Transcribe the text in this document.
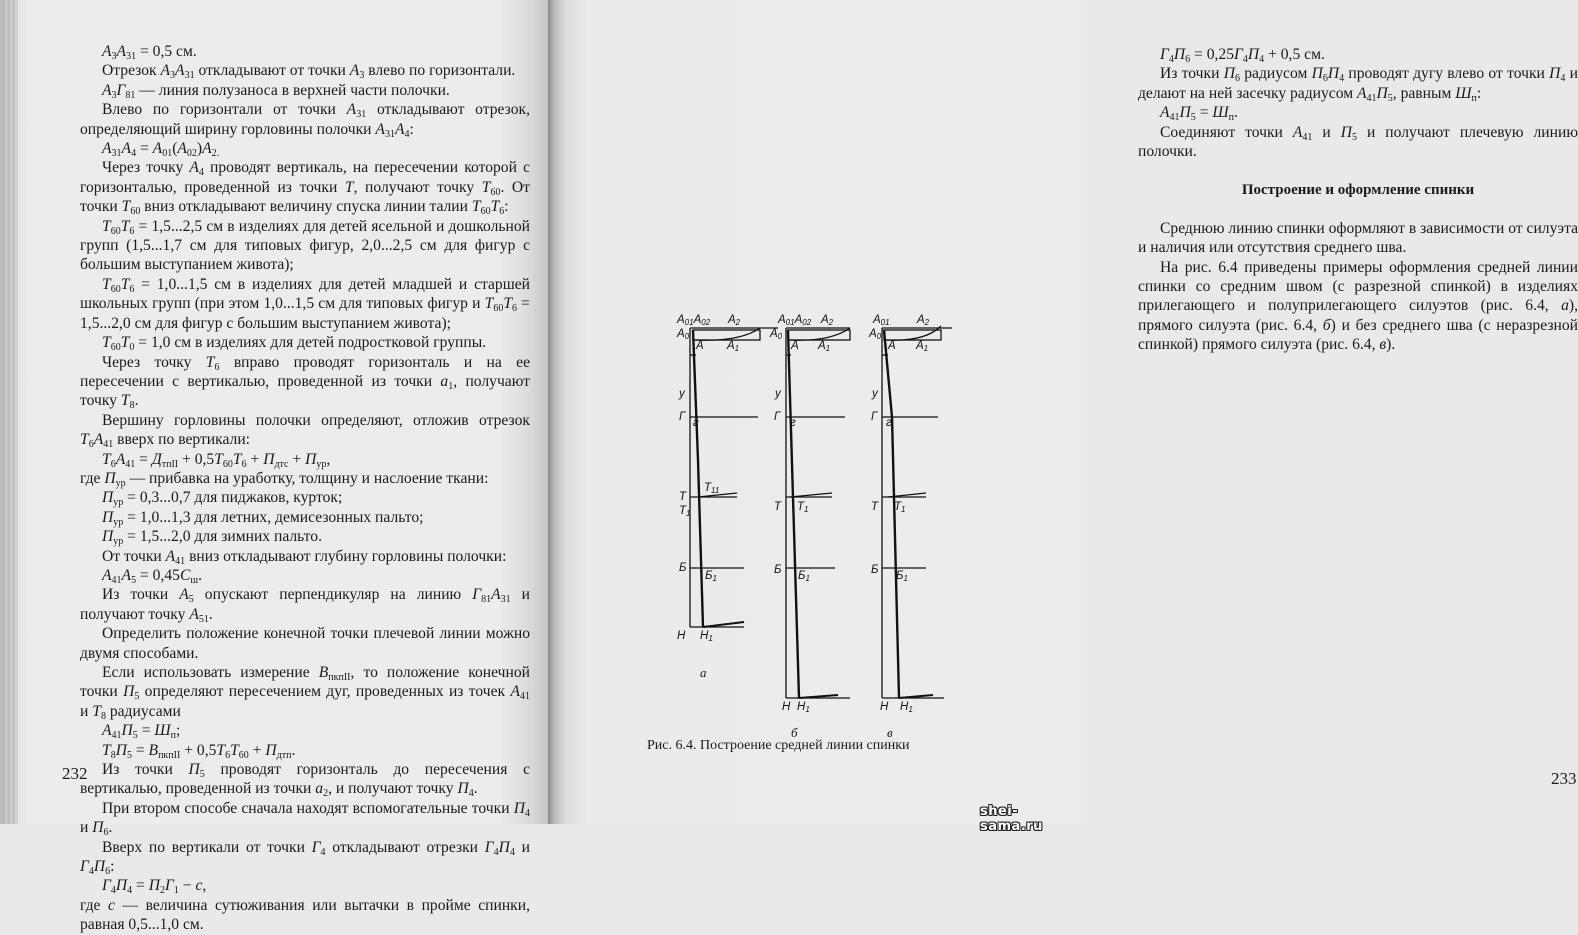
$A_3A_{31} = 0,5$ см.

Отрезок $A_3A_{31}$ откладывают от точки $A_3$ влево по горизонтали.

$A_3Г_{81}$ — линия полузаноса в верхней части полочки.

Влево по горизонтали от точки $A_{31}$ откладывают отрезок, определяющий ширину горловины полочки $A_{31}A_4$:

$A_{31}A_4 = A_{01}(A_{02})A_{2.}$

Через точку $A_4$ проводят вертикаль, на пересечении которой с горизонталью, проведенной из точки T, получают точку $T_{60}$. От точки $T_{60}$ вниз откладывают величину спуска линии талии $T_{60}T_6$:

$T_{60}T_6 = 1,5...2,5$ см в изделиях для детей ясельной и дошкольной групп (1,5...1,7 см для типовых фигур, 2,0...2,5 см для фигур с большим выступанием живота);

$T_{60}T_6 = 1,0...1,5$ см в изделиях для детей младшей и старшей школьных групп (при этом 1,0...1,5 см для типовых фигур и $T_{60}T_6 = 1,5...2,0$ см для фигур с большим выступанием живота);

$T_{60}T_0 = 1,0$ см в изделиях для детей подростковой группы.

Через точку $T_6$ вправо проводят горизонталь и на ее пересечении с вертикалью, проведенной из точки $a_1$, получают точку $T_8$.

Вершину горловины полочки определяют, отложив отрезок $T_6A_{41}$ вверх по вертикали:

$T_6A_{41} = Д_{тпII} + 0,5T_{60}T_6 + П_{дтс} + П_{ур}$,

где $П_{ур}$ — прибавка на уработку, толщину и наслоение ткани:

$П_{ур} = 0,3...0,7$ для пиджаков, курток;

$П_{ур} = 1,0...1,3$ для летних, демисезонных пальто;

$П_{ур} = 1,5...2,0$ для зимних пальто.

От точки $A_{41}$ вниз откладывают глубину горловины полочки:

$A_{41}A_5 = 0,45C_ш$.

Из точки $A_5$ опускают перпендикуляр на линию $Г_{81}A_{31}$ и получают точку $A_{51}$.

Определить положение конечной точки плечевой линии можно двумя способами.

Если использовать измерение $B_{пкпII}$, то положение конечной точки $П_5$ определяют пересечением дуг, проведенных из точек $A_{41}$ и $T_8$ радиусами

$A_{41}П_5 = Ш_п$;

$T_8П_5 = B_{пкпII} + 0,5T_6T_{60} + П_{дтп}$.

Из точки $П_5$ проводят горизонталь до пересечения с вертикалью, проведенной из точки $a_2$, и получают точку $П_4$.

При втором способе сначала находят вспомогательные точки $П_4$ и $П_6$.

Вверх по вертикали от точки $Г_4$ откладывают отрезки $Г_4П_4$ и $Г_4П_6$:

$Г_4П_4 = П_2Г_1 - c$,

где c — величина сутюживания или вытачки в пройме спинки, равная 0,5...1,0 см.

232

$Г_4П_6 = 0,25Г_4П_4 + 0,5$ см.

Из точки $П_6$ радиусом $П_6П_4$ проводят дугу влево от точки $П_4$ и делают на ней засечку радиусом $A_{41}П_5$, равным $Ш_п$:

$A_{41}П_5 = Ш_п$.

Соединяют точки $A_{41}$ и $П_5$ и получают плечевую линию полочки.

Построение и оформление спинки

Среднюю линию спинки оформляют в зависимости от силуэта и наличия или отсутствия среднего шва.

На рис. 6.4 приведены примеры оформления средней линии спинки со средним швом (с разрезной спинкой) в изделиях прилегающего и полуприлегающего силуэтов (рис. 6.4, а), прямого силуэта (рис. 6.4, б) и без среднего шва (с неразрезной спинкой) прямого силуэта (рис. 6.4, в).

233
$A_{01}A_{02}$ $A_2$
$A_0$
A $A_1$
у
Г г
Т
$Т_1$
$Т_{11}$
Б
$Б_1$
Н $Н_1$
$A_{01}A_{02}$ $A_2$
$A_0$
A $A_1$
у
Г г
Т $Т_1$
Б $Б_1$
Н $Н_1$
$A_{01}$ $A_2$
$A_0$
A $A_1$
у
Г г
Т $Т_1$
Б $Б_1$
Н $Н_1$
а
б	в
Рис. 6.4. Построение средней линии спинки
shei-sama.ru
